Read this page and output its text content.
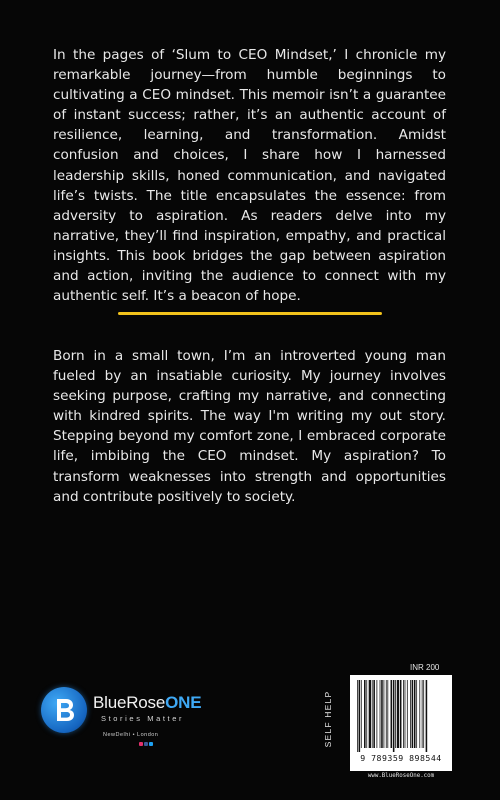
In the pages of ‘Slum to CEO Mindset,’ I chronicle my remarkable journey—from humble beginnings to cultivating a CEO mindset. This memoir isn’t a guarantee of instant success; rather, it’s an authentic account of resilience, learning, and transformation. Amidst confusion and choices, I share how I harnessed leadership skills, honed communication, and navigated life’s twists. The title encapsulates the essence: from adversity to aspiration. As readers delve into my narrative, they’ll find inspiration, empathy, and practical insights. This book bridges the gap between aspiration and action, inviting the audience to connect with my authentic self. It’s a beacon of hope.

Born in a small town, I’m an introverted young man fueled by an insatiable curiosity. My journey involves seeking purpose, crafting my narrative, and connecting with kindred spirits. The way I'm writing my out story. Stepping beyond my comfort zone, I embraced corporate life, imbibing the CEO mindset. My aspiration? To transform weaknesses into strength and opportunities and contribute positively to society.

BlueRoseONE
Stories Matter
NewDelhi • London	SELF HELP
INR 200
9 789359 898544
www.BlueRoseOne.com
